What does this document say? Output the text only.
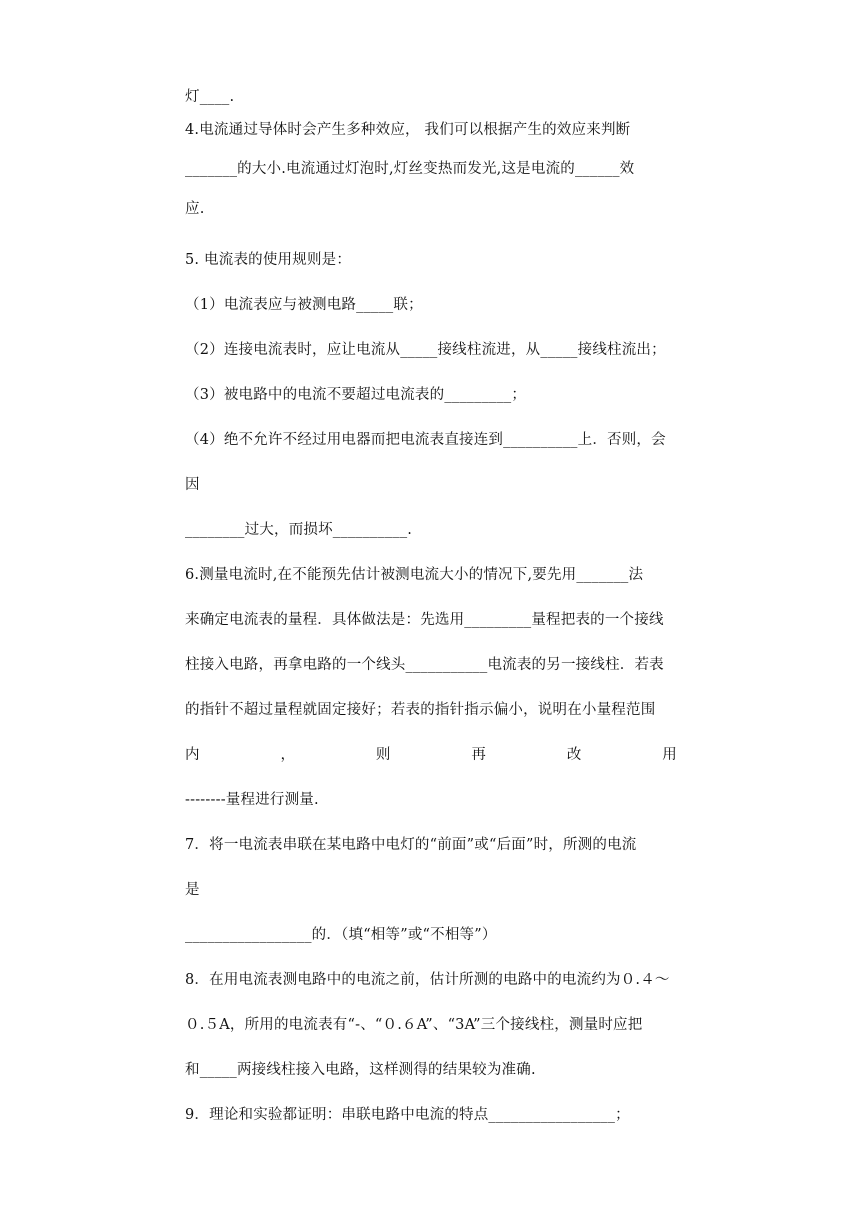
灯____.
4.电流通过导体时会产生多种效应， 我们可以根据产生的效应来判断
_______的大小.电流通过灯泡时,灯丝变热而发光,这是电流的______效
应.
5. 电流表的使用规则是：
（1）电流表应与被测电路_____联；
（2）连接电流表时，应让电流从_____接线柱流进，从_____接线柱流出；
（3）被电路中的电流不要超过电流表的_________；
（4）绝不允许不经过用电器而把电流表直接连到__________上．否则，会
因
________过大，而损坏__________.
6.测量电流时,在不能预先估计被测电流大小的情况下,要先用_______法
来确定电流表的量程．具体做法是：先选用_________量程把表的一个接线
柱接入电路，再拿电路的一个线头___________电流表的另一接线柱．若表
的指针不超过量程就固定接好；若表的指针指示偏小，说明在小量程范围
内	，	则	再	改	用
--------量程进行测量.
7．将一电流表串联在某电路中电灯的“前面”或“后面”时，所测的电流
是
_________________的．（填“相等”或“不相等”）
8．在用电流表测电路中的电流之前，估计所测的电路中的电流约为０.４～
０.５A，所用的电流表有“-、“０.６A”、“3A”三个接线柱，测量时应把
和_____两接线柱接入电路，这样测得的结果较为准确.
9．理论和实验都证明：串联电路中电流的特点_________________；
